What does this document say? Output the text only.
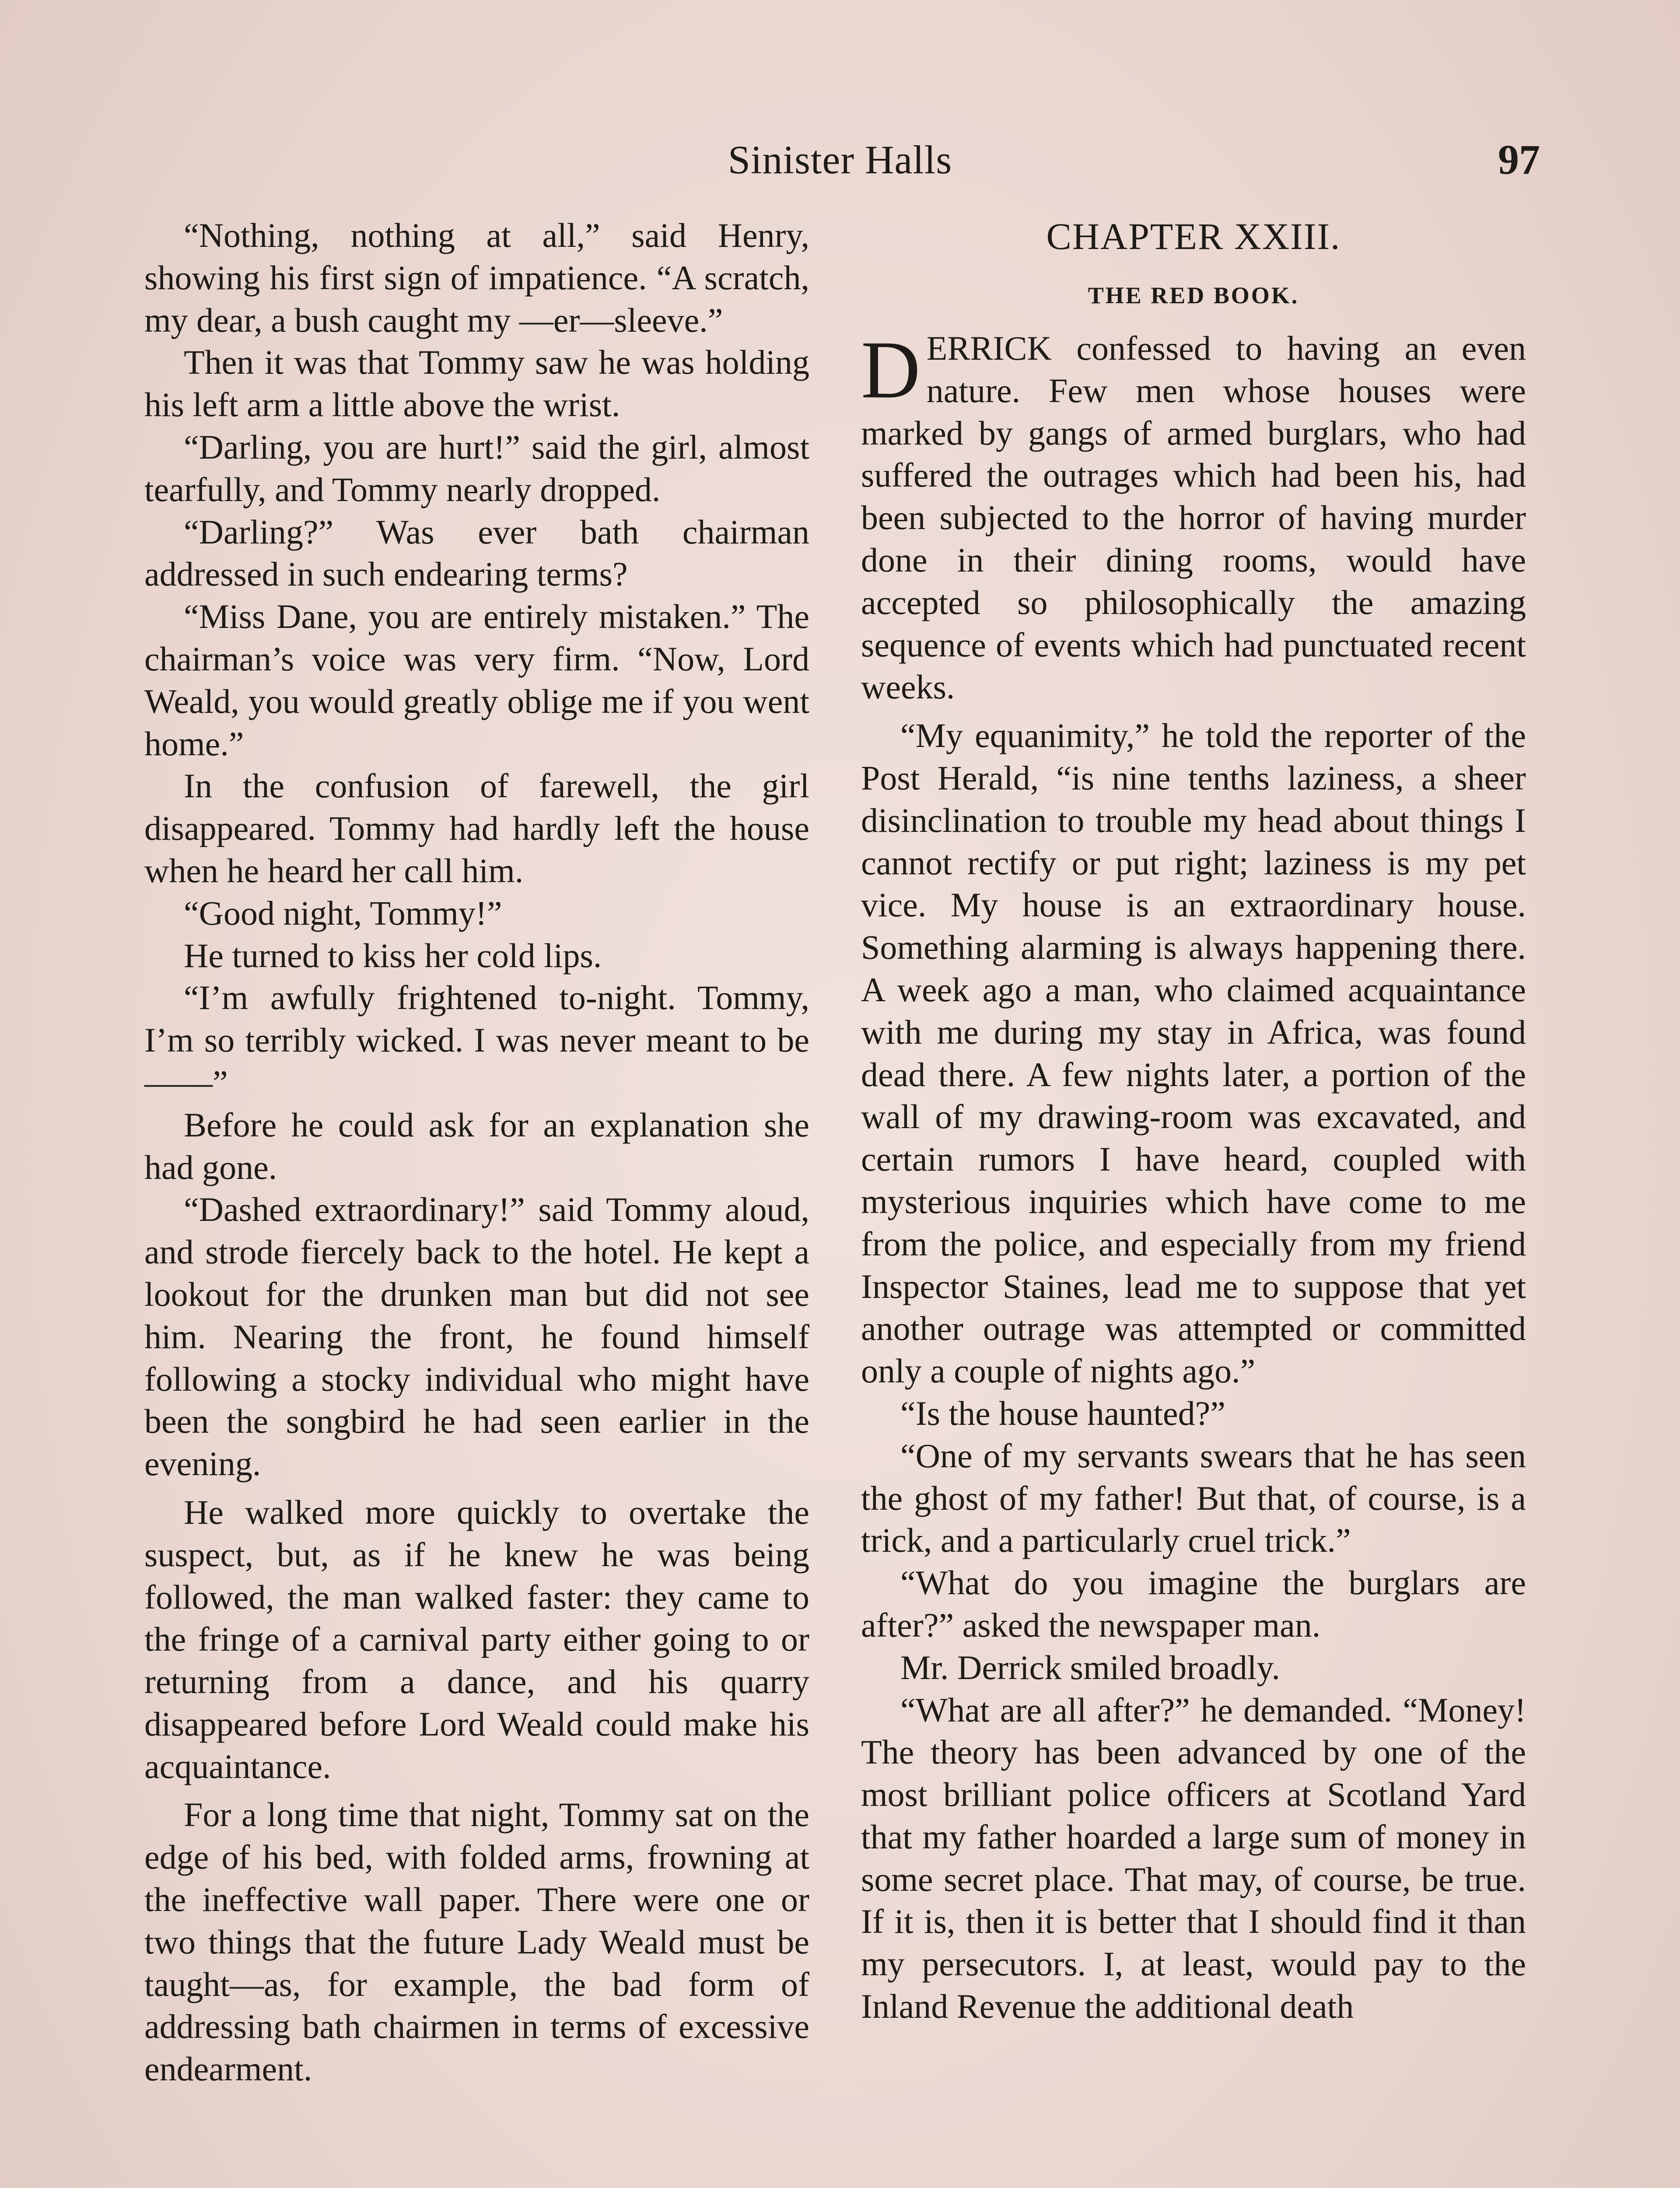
Sinister Halls	97

“Nothing, nothing at all,” said Henry, showing his first sign of impatience. “A scratch, my dear, a bush caught my —er—sleeve.”

Then it was that Tommy saw he was holding his left arm a little above the wrist.

“Darling, you are hurt!” said the girl, almost tearfully, and Tommy nearly dropped.

“Darling?” Was ever bath chairman addressed in such endearing terms?

“Miss Dane, you are entirely mistaken.” The chairman’s voice was very firm. “Now, Lord Weald, you would greatly oblige me if you went home.”

In the confusion of farewell, the girl disappeared. Tommy had hardly left the house when he heard her call him.

“Good night, Tommy!”

He turned to kiss her cold lips.

“I’m awfully frightened to-night. Tommy, I’m so terribly wicked. I was never meant to be——”

Before he could ask for an explanation she had gone.

“Dashed extraordinary!” said Tommy aloud, and strode fiercely back to the hotel. He kept a lookout for the drunken man but did not see him. Nearing the front, he found himself following a stocky individual who might have been the songbird he had seen earlier in the evening.

He walked more quickly to overtake the suspect, but, as if he knew he was being followed, the man walked faster: they came to the fringe of a carnival party either going to or returning from a dance, and his quarry disappeared before Lord Weald could make his acquaintance.

For a long time that night, Tommy sat on the edge of his bed, with folded arms, frowning at the ineffective wall paper. There were one or two things that the future Lady Weald must be taught—as, for example, the bad form of addressing bath chairmen in terms of excessive endearment.

CHAPTER XXIII.
THE RED BOOK.

DERRICK confessed to having an even nature. Few men whose houses were marked by gangs of armed burglars, who had suffered the outrages which had been his, had been subjected to the horror of having murder done in their dining rooms, would have accepted so philosophically the amazing sequence of events which had punctuated recent weeks.

“My equanimity,” he told the reporter of the Post Herald, “is nine tenths laziness, a sheer disinclination to trouble my head about things I cannot rectify or put right; laziness is my pet vice. My house is an extraordinary house. Something alarming is always happening there. A week ago a man, who claimed acquaintance with me during my stay in Africa, was found dead there. A few nights later, a portion of the wall of my drawing-room was excavated, and certain rumors I have heard, coupled with mysterious inquiries which have come to me from the police, and especially from my friend Inspector Staines, lead me to suppose that yet another outrage was attempted or committed only a couple of nights ago.”

“Is the house haunted?”

“One of my servants swears that he has seen the ghost of my father! But that, of course, is a trick, and a particularly cruel trick.”

“What do you imagine the burglars are after?” asked the newspaper man.

Mr. Derrick smiled broadly.

“What are all after?” he demanded. “Money! The theory has been advanced by one of the most brilliant police officers at Scotland Yard that my father hoarded a large sum of money in some secret place. That may, of course, be true. If it is, then it is better that I should find it than my persecutors. I, at least, would pay to the Inland Revenue the additional death
